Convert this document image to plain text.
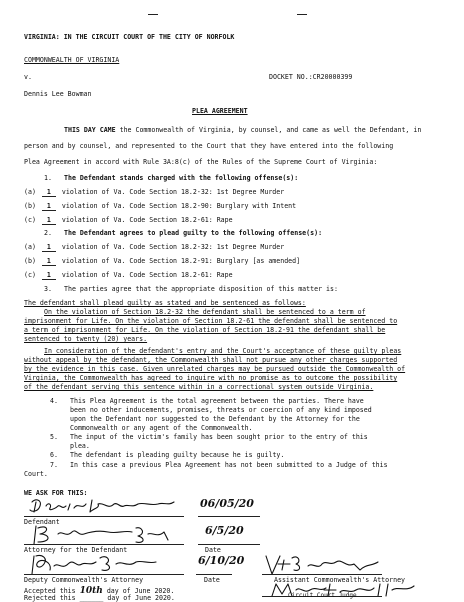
VIRGINIA: IN THE CIRCUIT COURT OF THE CITY OF NORFOLK
COMMONWEALTH OF VIRGINIA
v.	DOCKET NO.:CR20000399
Dennis Lee Bowman
PLEA AGREEMENT
THIS DAY CAME the Commonwealth of Virginia, by counsel, and came as well the Defendant, in
person and by counsel, and represented to the Court that they have entered into the following
Plea Agreement in accord with Rule 3A:8(c) of the Rules of the Supreme Court of Virginia:
1. The Defendant stands charged with the following offense(s):
(a) 1 violation of Va. Code Section 18.2-32: 1st Degree Murder
(b) 1 violation of Va. Code Section 18.2-90: Burglary with Intent
(c) 1 violation of Va. Code Section 18.2-61: Rape
2. The Defendant agrees to plead guilty to the following offense(s):
(a) 1 violation of Va. Code Section 18.2-32: 1st Degree Murder
(b) 1 violation of Va. Code Section 18.2-91: Burglary [as amended]
(c) 1 violation of Va. Code Section 18.2-61: Rape
3. The parties agree that the appropriate disposition of this matter is:
The defendant shall plead guilty as stated and be sentenced as follows:
On the violation of Section 18.2-32 the defendant shall be sentenced to a term of
imprisonment for Life. On the violation of Section 18.2-61 the defendant shall be sentenced to
a term of imprisonment for Life. On the violation of Section 18.2-91 the defendant shall be
sentenced to twenty (20) years.
In consideration of the defendant's entry and the Court's acceptance of these guilty pleas
without appeal by the defendant, the Commonwealth shall not pursue any other charges supported
by the evidence in this case. Given unrelated charges may be pursued outside the Commonwealth of
Virginia, the Commonwealth has agreed to inquire with no promise as to outcome the possibility
of the defendant serving this sentence within in a correctional system outside Virginia.
4. This Plea Agreement is the total agreement between the parties. There have
been no other inducements, promises, threats or coercion of any kind imposed
upon the Defendant nor suggested to the Defendant by the Attorney for the
Commonwealth or any agent of the Commonwealth.
5. The input of the victim's family has been sought prior to the entry of this
plea.
6. The defendant is pleading guilty because he is guilty.
7. In this case a previous Plea Agreement has not been submitted to a Judge of this
Court.
WE ASK FOR THIS:
06/05/20
Defendant
6/5/20
Attorney for the Defendant	Date
6/10/20
Deputy Commonwealth's Attorney	Date	Assistant Commonwealth's Attorney
Accepted this 10th day of June 2020.
Rejected this ______ day of June 2020.	Circuit Court Judge
